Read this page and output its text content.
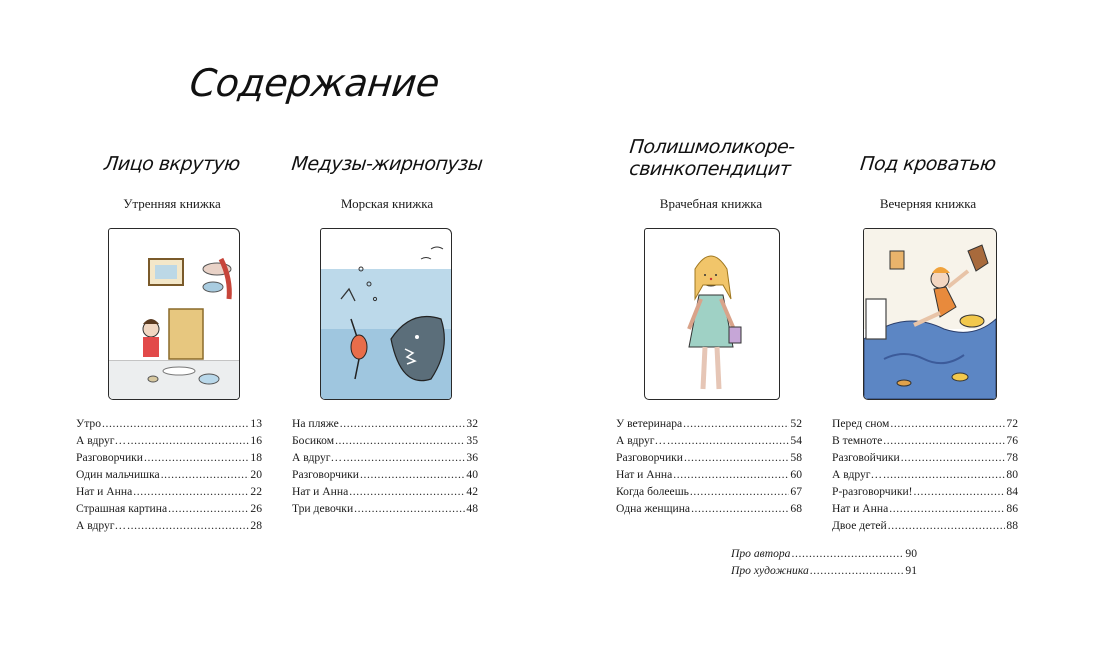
Содержание
Лицо вкрутую
Утренняя книжка
Утро .....	13
А вдруг… .....	16
Разговорчики .....	18
Один мальчишка .....	20
Нат и Анна .....	22
Страшная картина .....	26
А вдруг… .....	28
Медузы-жирнопузы
Морская книжка
На пляже .....	32
Босиком .....	35
А вдруг… .....	36
Разговорчики .....	40
Нат и Анна .....	42
Три девочки .....	48
Полишмоликоре-
свинкопендицит
Врачебная книжка
У ветеринара .....	52
А вдруг… .....	54
Разговорчики .....	58
Нат и Анна .....	60
Когда болеешь .....	67
Одна женщина .....	68
Под кроватью
Вечерняя книжка
Перед сном .....	72
В темноте .....	76
Разговойчики .....	78
А вдруг… .....	80
Р-разговорчики! .....	84
Нат и Анна .....	86
Двое детей .....	88
Про автора .....	90
Про художника .....	91
